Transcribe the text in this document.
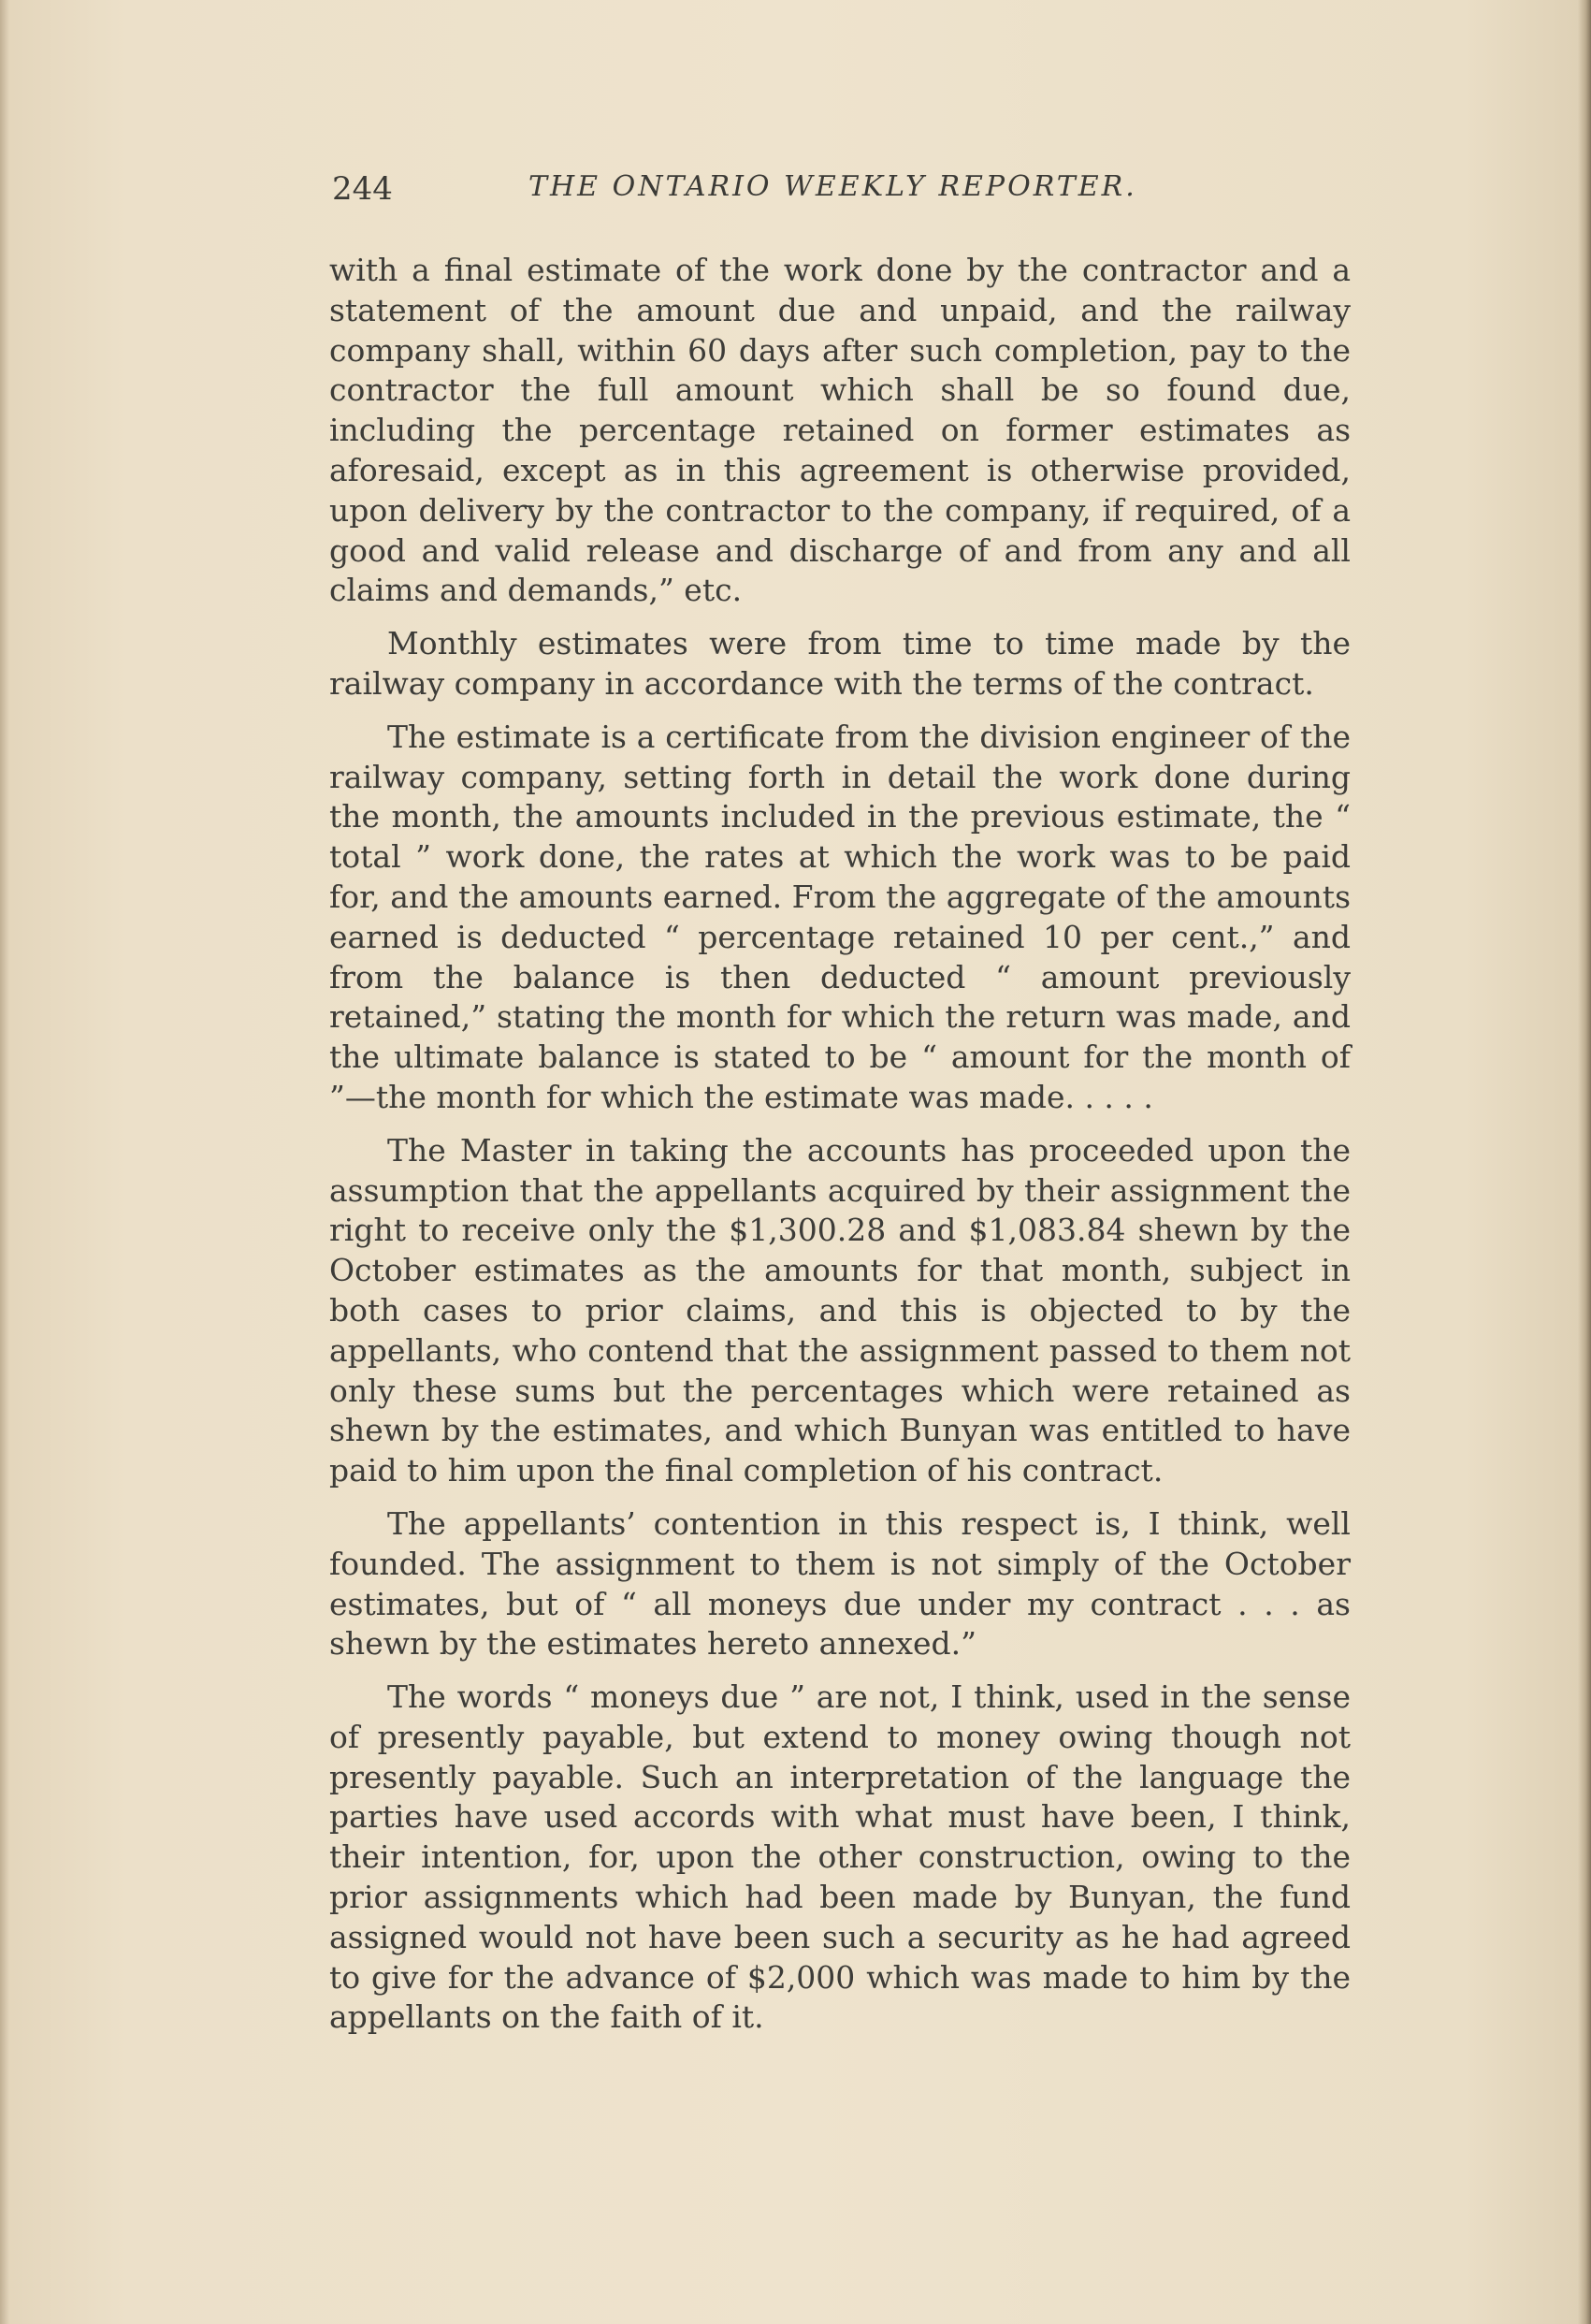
244	THE ONTARIO WEEKLY REPORTER.

with a final estimate of the work done by the contractor and a statement of the amount due and unpaid, and the railway company shall, within 60 days after such completion, pay to the contractor the full amount which shall be so found due, including the percentage retained on former estimates as aforesaid, except as in this agreement is otherwise provided, upon delivery by the contractor to the company, if required, of a good and valid release and discharge of and from any and all claims and demands,” etc.

Monthly estimates were from time to time made by the railway company in accordance with the terms of the contract.

The estimate is a certificate from the division engineer of the railway company, setting forth in detail the work done during the month, the amounts included in the previous estimate, the “ total ” work done, the rates at which the work was to be paid for, and the amounts earned. From the aggregate of the amounts earned is deducted “ percentage retained 10 per cent.,” and from the balance is then deducted “ amount previously retained,” stating the month for which the return was made, and the ultimate balance is stated to be “ amount for the month of ”—the month for which the estimate was made. . . . .

The Master in taking the accounts has proceeded upon the assumption that the appellants acquired by their assignment the right to receive only the $1,300.28 and $1,083.84 shewn by the October estimates as the amounts for that month, subject in both cases to prior claims, and this is objected to by the appellants, who contend that the assignment passed to them not only these sums but the percentages which were retained as shewn by the estimates, and which Bunyan was entitled to have paid to him upon the final completion of his contract.

The appellants’ contention in this respect is, I think, well founded. The assignment to them is not simply of the October estimates, but of “ all moneys due under my contract . . . as shewn by the estimates hereto annexed.”

The words “ moneys due ” are not, I think, used in the sense of presently payable, but extend to money owing though not presently payable. Such an interpretation of the language the parties have used accords with what must have been, I think, their intention, for, upon the other construction, owing to the prior assignments which had been made by Bunyan, the fund assigned would not have been such a security as he had agreed to give for the advance of $2,000 which was made to him by the appellants on the faith of it.
